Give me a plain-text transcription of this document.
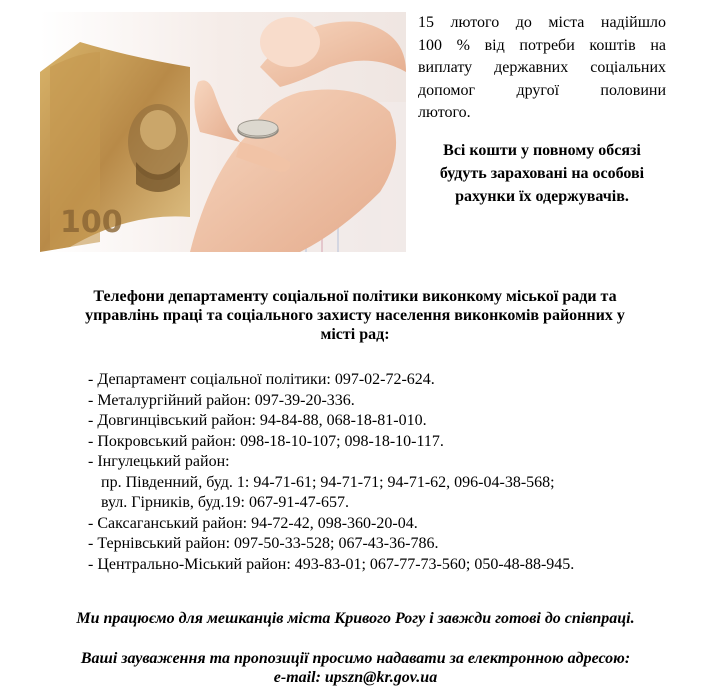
100

15 лютого до міста надійшло
100 % від потреби коштів на
виплату державних соціальних
допомог другої половини
лютого.

Всі кошти у повному обсязі
будуть зараховані на особові
рахунки їх одержувачів.

Телефони департаменту соціальної політики виконкому міської ради та
управлінь праці та соціального захисту населення виконкомів районних у
місті рад:
- Департамент соціальної політики: 097-02-72-624.
- Металургійний район: 097-39-20-336.
- Довгинцівський район: 94-84-88, 068-18-81-010.
- Покровський район: 098-18-10-107; 098-18-10-117.
- Інгулецький район:
пр. Південний, буд. 1: 94-71-61; 94-71-71; 94-71-62, 096-04-38-568;
вул. Гірників, буд.19: 067-91-47-657.
- Саксаганський район: 94-72-42, 098-360-20-04.
- Тернівський район: 097-50-33-528; 067-43-36-786.
- Центрально-Міський район: 493-83-01; 067-77-73-560; 050-48-88-945.
Ми працюємо для мешканців міста Кривого Рогу і завжди готові до співпраці.
Ваші зауваження та пропозиції просимо надавати за електронною адресою:
e-mail: upszn@kr.gov.ua
